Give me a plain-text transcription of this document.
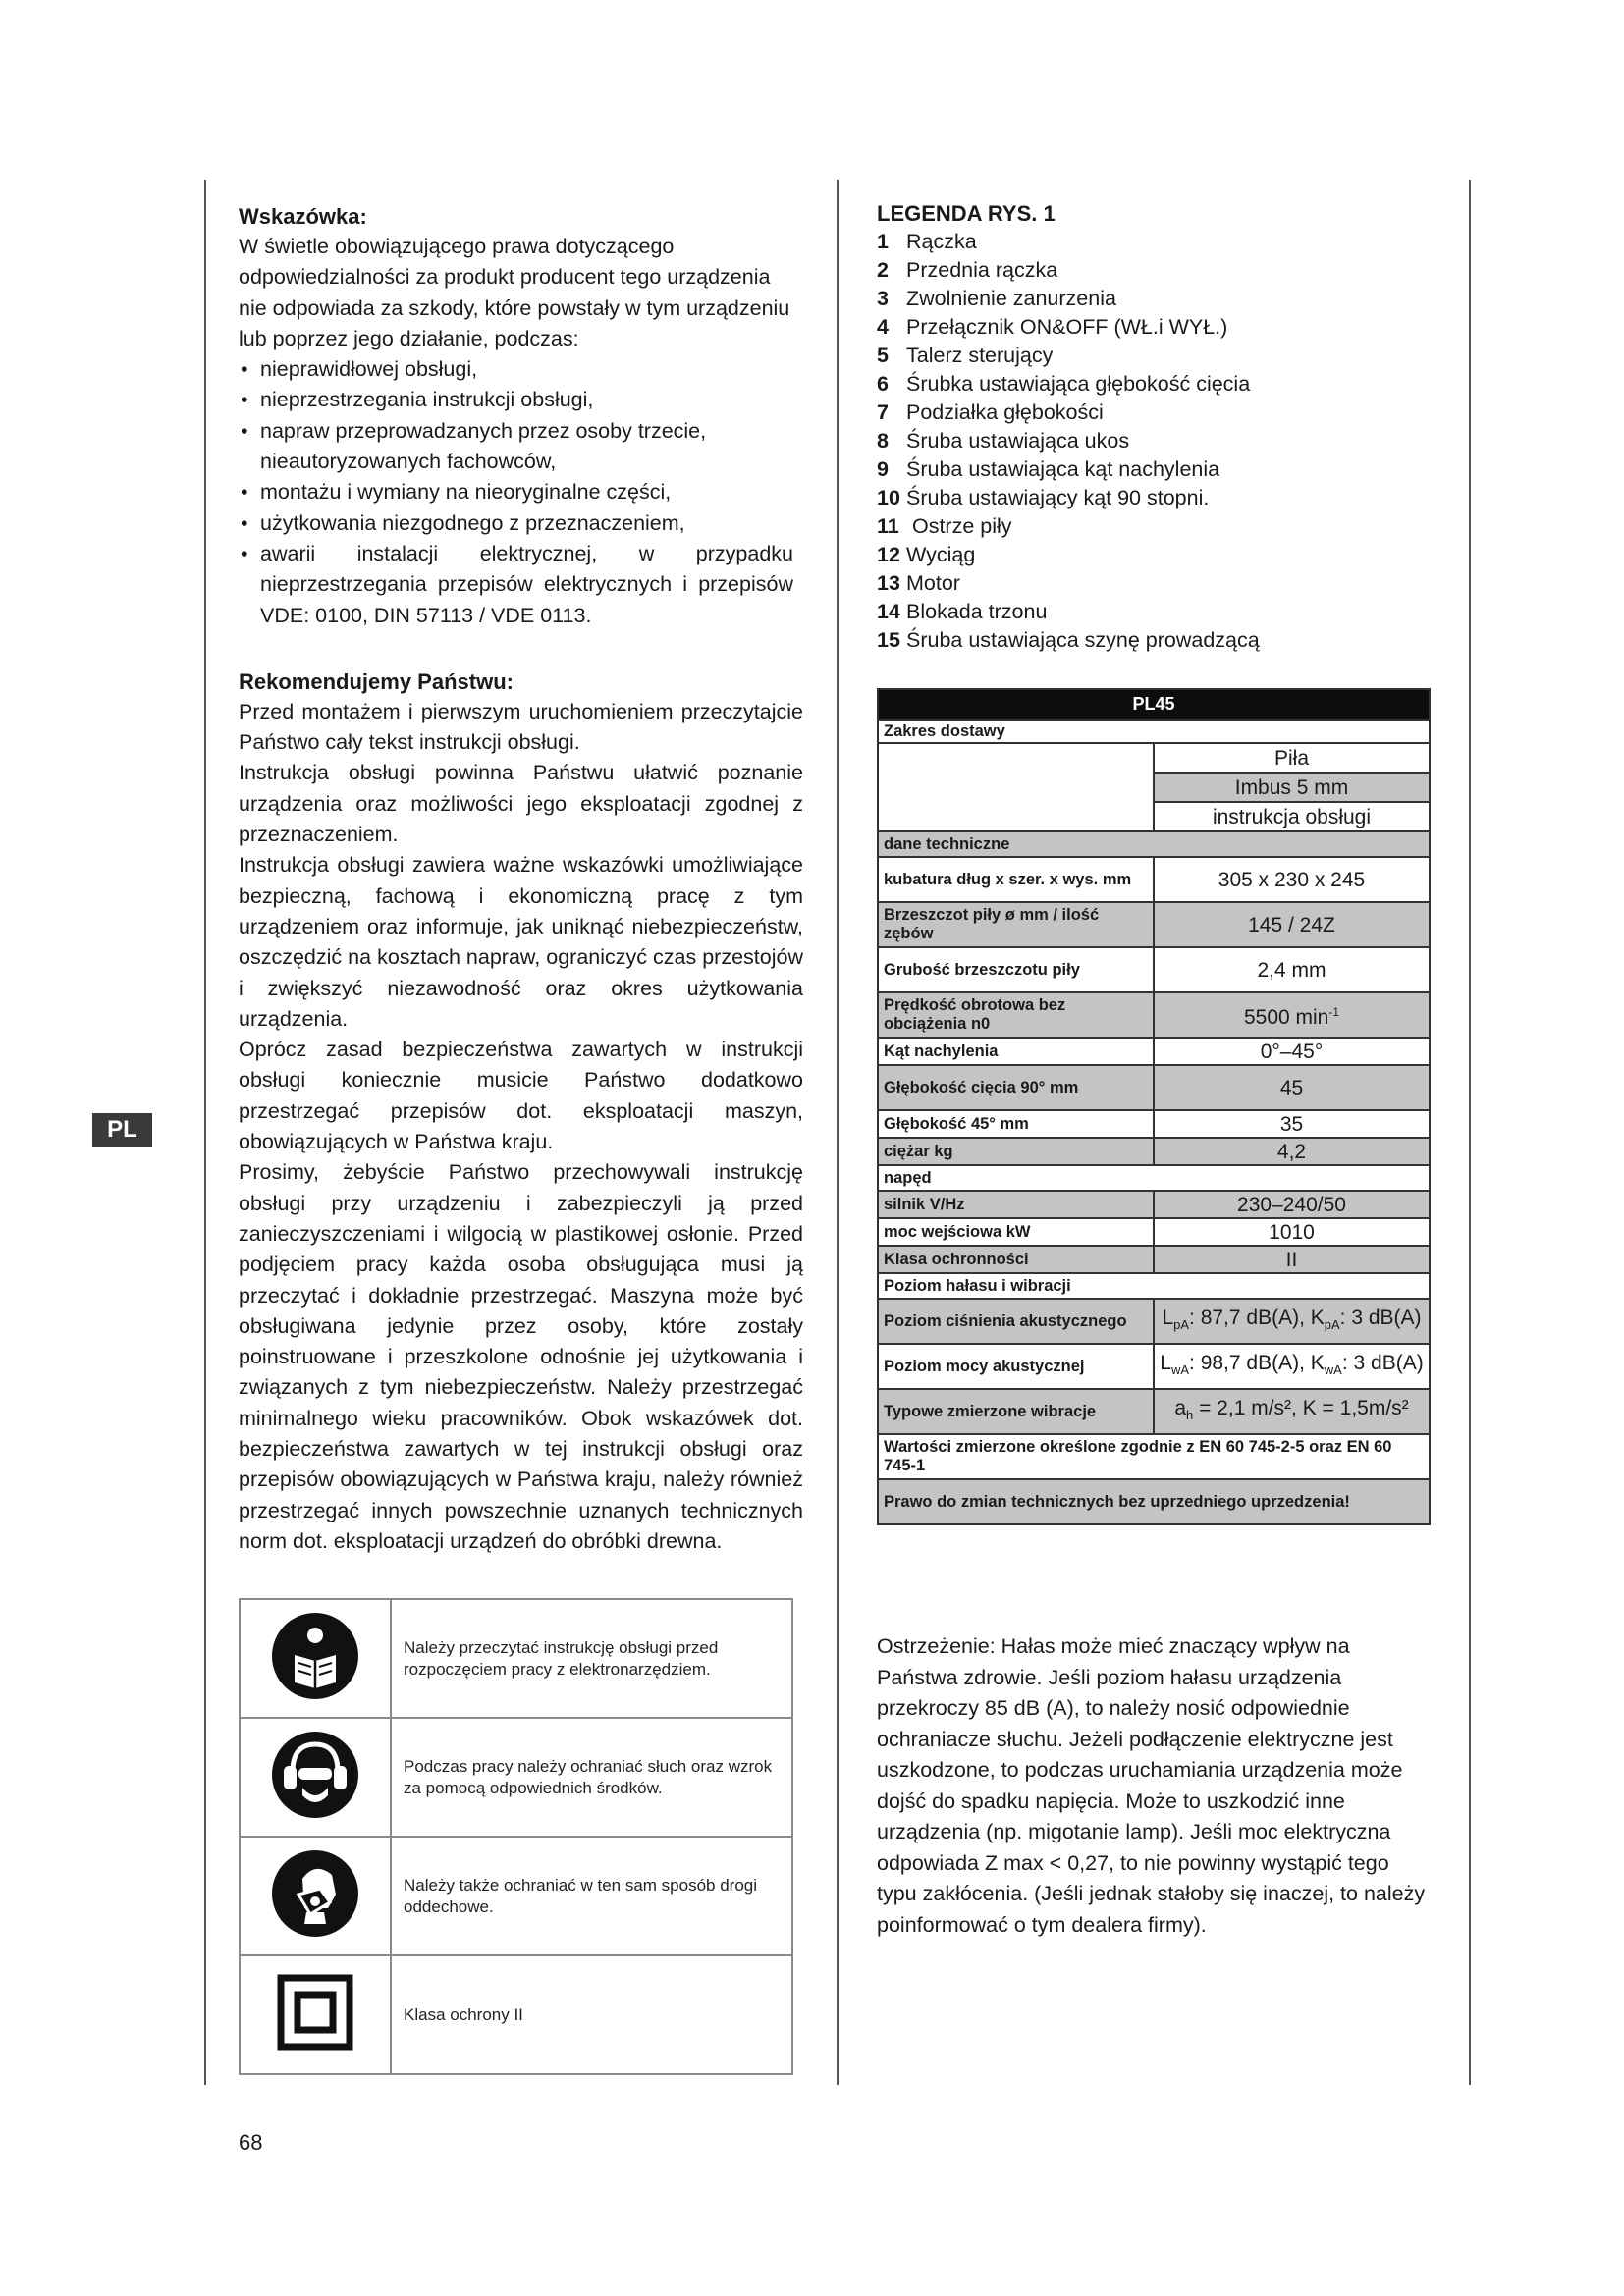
PL

Wskazówka:

W świetle obowiązującego prawa dotyczącego odpowiedzialności za produkt producent tego urządzenia nie odpowiada za szkody, które powstały w tym urządzeniu lub poprzez jego działanie, podczas:

• nieprawidłowej obsługi,
• nieprzestrzegania instrukcji obsługi,
• napraw przeprowadzanych przez osoby trzecie, nieautoryzowanych fachowców,
• montażu i wymiany na nieoryginalne części,
• użytkowania niezgodnego z przeznaczeniem,
• awarii instalacji elektrycznej, w przypadku nieprzestrzegania przepisów elektrycznych i przepisów VDE: 0100, DIN 57113 / VDE 0113.

Rekomendujemy Państwu:

Przed montażem i pierwszym uruchomieniem przeczytajcie Państwo cały tekst instrukcji obsługi.

Instrukcja obsługi powinna Państwu ułatwić poznanie urządzenia oraz możliwości jego eksploatacji zgodnej z przeznaczeniem.

Instrukcja obsługi zawiera ważne wskazówki umożliwiające bezpieczną, fachową i ekonomiczną pracę z tym urządzeniem oraz informuje, jak uniknąć niebezpieczeństw, oszczędzić na kosztach napraw, ograniczyć czas przestojów i zwiększyć niezawodność oraz okres użytkowania urządzenia.

Oprócz zasad bezpieczeństwa zawartych w instrukcji obsługi koniecznie musicie Państwo dodatkowo przestrzegać przepisów dot. eksploatacji maszyn, obowiązujących w Państwa kraju.

Prosimy, żebyście Państwo przechowywali instrukcję obsługi przy urządzeniu i zabezpieczyli ją przed zanieczyszczeniami i wilgocią w plastikowej osłonie. Przed podjęciem pracy każda osoba obsługująca musi ją przeczytać i dokładnie przestrzegać. Maszyna może być obsługiwana jedynie przez osoby, które zostały poinstruowane i przeszkolone odnośnie jej użytkowania i związanych z tym niebezpieczeństw. Należy przestrzegać minimalnego wieku pracowników. Obok wskazówek dot. bezpieczeństwa zawartych w tej instrukcji obsługi oraz przepisów obowiązujących w Państwa kraju, należy również przestrzegać innych powszechnie uznanych technicznych norm dot. eksploatacji urządzeń do obróbki drewna.

	Należy przeczytać instrukcję obsługi przed rozpoczęciem pracy z elektronarzędziem.
	Podczas pracy należy ochraniać słuch oraz wzrok za pomocą odpowiednich środków.
	Należy także ochraniać w ten sam sposób drogi oddechowe.
	Klasa ochrony II
68

LEGENDA RYS. 1

1 Rączka
2 Przednia rączka
3 Zwolnienie zanurzenia
4 Przełącznik ON&OFF (WŁ.i WYŁ.)
5 Talerz sterujący
6 Śrubka ustawiająca głębokość cięcia
7 Podziałka głębokości
8 Śruba ustawiająca ukos
9 Śruba ustawiająca kąt nachylenia
10 Śruba ustawiający kąt 90 stopni.
11 Ostrze piły
12 Wyciąg
13 Motor
14 Blokada trzonu
15 Śruba ustawiająca szynę prowadzącą
PL45	
Zakres dostawy	
	Piła
	Imbus 5 mm
	instrukcja obsługi
dane techniczne	
kubatura dług x szer. x wys. mm	305 x 230 x 245
Brzeszczot piły ø mm / ilość zębów	145 / 24Z
Grubość brzeszczotu piły	2,4 mm
Prędkość obrotowa bez obciążenia n0	5500 $\min^{-1}$
Kąt nachylenia	0°–45°
Głębokość cięcia 90° mm	45
Głębokość 45° mm	35
ciężar kg	4,2
napęd	
silnik V/Hz	230–240/50
moc wejściowa kW	1010
Klasa ochronności	II
Poziom hałasu i wibracji	
Poziom ciśnienia akustycznego	$L_{pA}$: 87,7 dB(A), $K_{pA}$: 3 dB(A)
Poziom mocy akustycznej	$L_{wA}$: 98,7 dB(A), $K_{wA}$: 3 dB(A)
Typowe zmierzone wibracje	$a_h = 2,1$ m/s², K = 1,5m/s²
Wartości zmierzone określone zgodnie z EN 60 745-2-5 oraz EN 60 745-1	
Prawo do zmian technicznych bez uprzedniego uprzedzenia!	

Ostrzeżenie: Hałas może mieć znaczący wpływ na Państwa zdrowie. Jeśli poziom hałasu urządzenia przekroczy 85 dB (A), to należy nosić odpowiednie ochraniacze słuchu. Jeżeli podłączenie elektryczne jest uszkodzone, to podczas uruchamiania urządzenia może dojść do spadku napięcia. Może to uszkodzić inne urządzenia (np. migotanie lamp). Jeśli moc elektryczna odpowiada Z max < 0,27, to nie powinny wystąpić tego typu zakłócenia. (Jeśli jednak stałoby się inaczej, to należy poinformować o tym dealera firmy).
